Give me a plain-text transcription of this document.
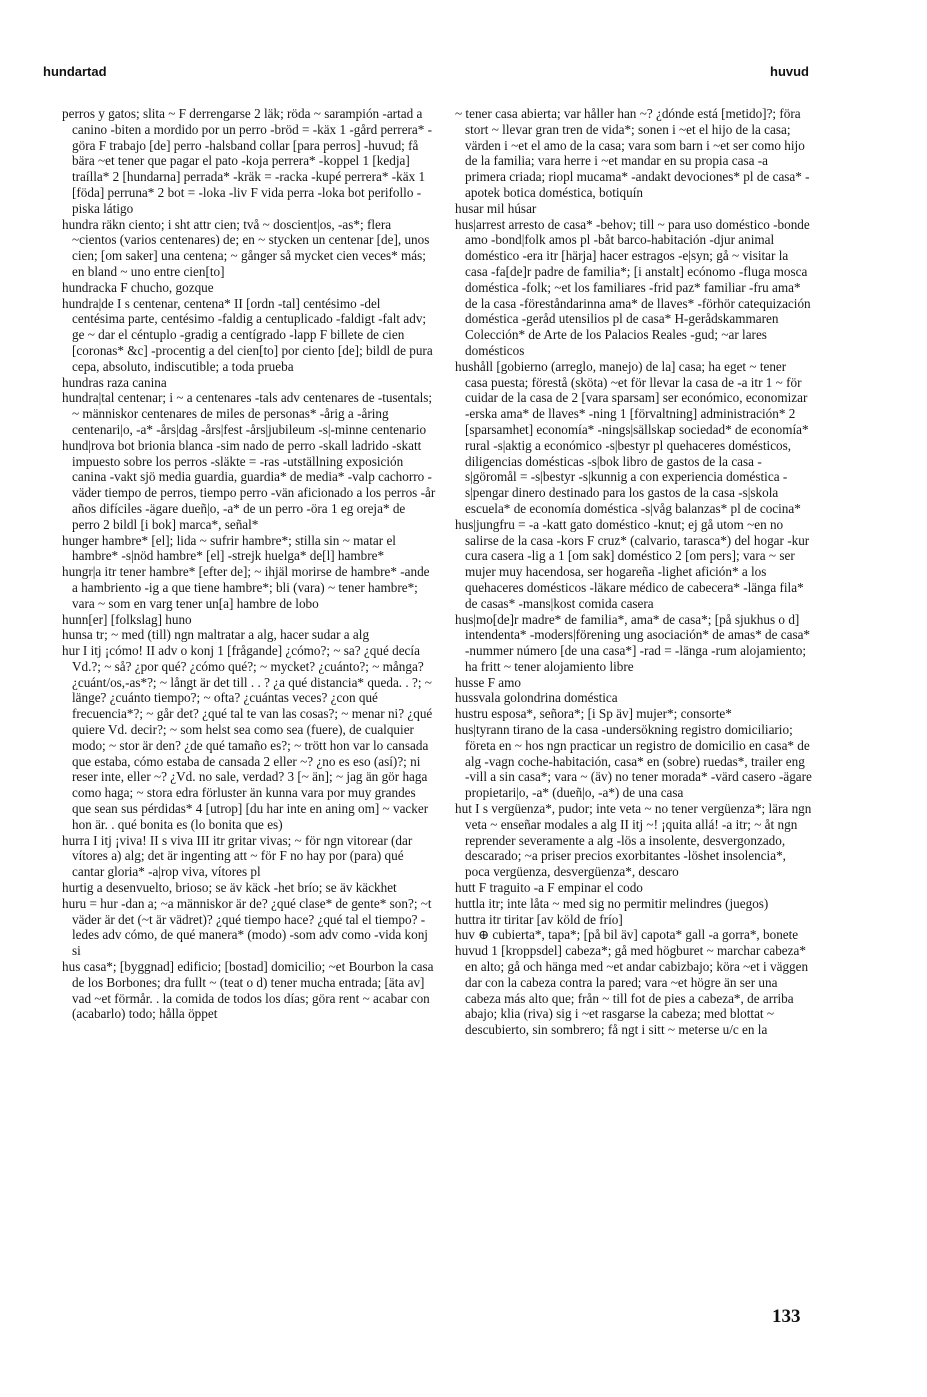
hundartad	huvud

perros y gatos; slita ~ F derrengarse 2 läk; röda ~ sarampión -artad a canino -biten a mordido por un perro -bröd = -käx 1 -gård perrera* -göra F trabajo [de] perro -halsband collar [para perros] -huvud; få bära ~et tener que pagar el pato -koja perrera* -koppel 1 [kedja] traílla* 2 [hundarna] perrada* -kräk = -racka -kupé perrera* -käx 1 [föda] perruna* 2 bot = -loka -liv F vida perra -loka bot perifollo -piska látigo

hundra räkn ciento; i sht attr cien; två ~ doscient|os, -as*; flera ~cientos (varios centenares) de; en ~ stycken un centenar [de], unos cien; [om saker] una centena; ~ gånger så mycket cien veces* más; en bland ~ uno entre cien[to]

hundracka F chucho, gozque

hundra|de I s centenar, centena* II [ordn -tal] centésimo -del centésima parte, centésimo -faldig a centuplicado -faldigt -falt adv; ge ~ dar el céntuplo -gradig a centígrado -lapp F billete de cien [coronas* &c] -procentig a del cien[to] por ciento [de]; bildl de pura cepa, absoluto, indiscutible; a toda prueba

hundras raza canina

hundra|tal centenar; i ~ a centenares -tals adv centenares de -tusentals; ~ människor centenares de miles de personas* -årig a -åring centenari|o, -a* -års|dag -års|fest -års|jubileum -s|-minne centenario

hund|rova bot brionia blanca -sim nado de perro -skall ladrido -skatt impuesto sobre los perros -släkte = -ras -utställning exposición canina -vakt sjö media guardia, guardia* de media* -valp cachorro -väder tiempo de perros, tiempo perro -vän aficionado a los perros -år años difíciles -ägare dueñ|o, -a* de un perro -öra 1 eg oreja* de perro 2 bildl [i bok] marca*, señal*

hunger hambre* [el]; lida ~ sufrir hambre*; stilla sin ~ matar el hambre* -s|nöd hambre* [el] -strejk huelga* de[l] hambre*

hungr|a itr tener hambre* [efter de]; ~ ihjäl morirse de hambre* -ande a hambriento -ig a que tiene hambre*; bli (vara) ~ tener hambre*; vara ~ som en varg tener un[a] hambre de lobo

hunn[er] [folkslag] huno

hunsa tr; ~ med (till) ngn maltratar a alg, hacer sudar a alg

hur I itj ¡cómo! II adv o konj 1 [frågande] ¿cómo?; ~ sa? ¿qué decía Vd.?; ~ så? ¿por qué? ¿cómo qué?; ~ mycket? ¿cuánto?; ~ många? ¿cuánt/os,-as*?; ~ långt är det till . . ? ¿a qué distancia* queda. . ?; ~ länge? ¿cuánto tiempo?; ~ ofta? ¿cuántas veces? ¿con qué frecuencia*?; ~ går det? ¿qué tal te van las cosas?; ~ menar ni? ¿qué quiere Vd. decir?; ~ som helst sea como sea (fuere), de cualquier modo; ~ stor är den? ¿de qué tamaño es?; ~ trött hon var lo cansada que estaba, cómo estaba de cansada 2 eller ~? ¿no es eso (así)?; ni reser inte, eller ~? ¿Vd. no sale, verdad? 3 [~ än]; ~ jag än gör haga como haga; ~ stora edra förluster än kunna vara por muy grandes que sean sus pérdidas* 4 [utrop] [du har inte en aning om] ~ vacker hon är. . qué bonita es (lo bonita que es)

hurra I itj ¡viva! II s viva III itr gritar vivas; ~ för ngn vitorear (dar vítores a) alg; det är ingenting att ~ för F no hay por (para) qué cantar gloria* -a|rop viva, vítores pl

hurtig a desenvuelto, brioso; se äv käck -het brío; se äv käckhet

huru = hur -dan a; ~a människor är de? ¿qué clase* de gente* son?; ~t väder är det (~t är vädret)? ¿qué tiempo hace? ¿qué tal el tiempo? -ledes adv cómo, de qué manera* (modo) -som adv como -vida konj si

hus casa*; [byggnad] edificio; [bostad] domicilio; ~et Bourbon la casa de los Borbones; dra fullt ~ (teat o d) tener mucha entrada; [äta av] vad ~et förmår. . la comida de todos los días; göra rent ~ acabar con (acabarlo) todo; hålla öppet

~ tener casa abierta; var håller han ~? ¿dónde está [metido]?; föra stort ~ llevar gran tren de vida*; sonen i ~et el hijo de la casa; värden i ~et el amo de la casa; vara som barn i ~et ser como hijo de la familia; vara herre i ~et mandar en su propia casa -a primera criada; riopl mucama* -andakt devociones* pl de casa* -apotek botica doméstica, botiquín

husar mil húsar

hus|arrest arresto de casa* -behov; till ~ para uso doméstico -bonde amo -bond|folk amos pl -båt barco-habitación -djur animal doméstico -era itr [härja] hacer estragos -e|syn; gå ~ visitar la casa -fa[de]r padre de familia*; [i anstalt] ecónomo -fluga mosca doméstica -folk; ~et los familiares -frid paz* familiar -fru ama* de la casa -föreståndarinna ama* de llaves* -förhör catequización doméstica -geråd utensilios pl de casa* H-gerådskammaren Colección* de Arte de los Palacios Reales -gud; ~ar lares domésticos

hushåll [gobierno (arreglo, manejo) de la] casa; ha eget ~ tener casa puesta; förestå (sköta) ~et för llevar la casa de -a itr 1 ~ för cuidar de la casa de 2 [vara sparsam] ser económico, economizar -erska ama* de llaves* -ning 1 [förvaltning] administración* 2 [sparsamhet] economía* -nings|sällskap sociedad* de economía* rural -s|aktig a económico -s|bestyr pl quehaceres domésticos, diligencias domésticas -s|bok libro de gastos de la casa -s|göromål = -s|bestyr -s|kunnig a con experiencia doméstica -s|pengar dinero destinado para los gastos de la casa -s|skola escuela* de economía doméstica -s|våg balanzas* pl de cocina*

hus|jungfru = -a -katt gato doméstico -knut; ej gå utom ~en no salirse de la casa -kors F cruz* (calvario, tarasca*) del hogar -kur cura casera -lig a 1 [om sak] doméstico 2 [om pers]; vara ~ ser mujer muy hacendosa, ser hogareña -lighet afición* a los quehaceres domésticos -läkare médico de cabecera* -länga fila* de casas* -mans|kost comida casera

hus|mo[de]r madre* de familia*, ama* de casa*; [på sjukhus o d] intendenta* -moders|förening ung asociación* de amas* de casa* -nummer número [de una casa*] -rad = -länga -rum alojamiento; ha fritt ~ tener alojamiento libre

husse F amo

hussvala golondrina doméstica

hustru esposa*, señora*; [i Sp äv] mujer*; consorte*

hus|tyrann tirano de la casa -undersökning registro domiciliario; företa en ~ hos ngn practicar un registro de domicilio en casa* de alg -vagn coche-habitación, casa* en (sobre) ruedas*, trailer eng -vill a sin casa*; vara ~ (äv) no tener morada* -värd casero -ägare propietari|o, -a* (dueñ|o, -a*) de una casa

hut I s vergüenza*, pudor; inte veta ~ no tener vergüenza*; lära ngn veta ~ enseñar modales a alg II itj ~! ¡quita allá! -a itr; ~ åt ngn reprender severamente a alg -lös a insolente, desvergonzado, descarado; ~a priser precios exorbitantes -löshet insolencia*, poca vergüenza, desvergüenza*, descaro

hutt F traguito -a F empinar el codo

huttla itr; inte låta ~ med sig no permitir melindres (juegos)

huttra itr tiritar [av köld de frío]

huv ⊕ cubierta*, tapa*; [på bil äv] capota* gall -a gorra*, bonete

huvud 1 [kroppsdel] cabeza*; gå med högburet ~ marchar cabeza* en alto; gå och hänga med ~et andar cabizbajo; köra ~et i väggen dar con la cabeza contra la pared; vara ~et högre än ser una cabeza más alto que; från ~ till fot de pies a cabeza*, de arriba abajo; klia (riva) sig i ~et rasgarse la cabeza; med blottat ~ descubierto, sin sombrero; få ngt i sitt ~ meterse u/c en la

133
